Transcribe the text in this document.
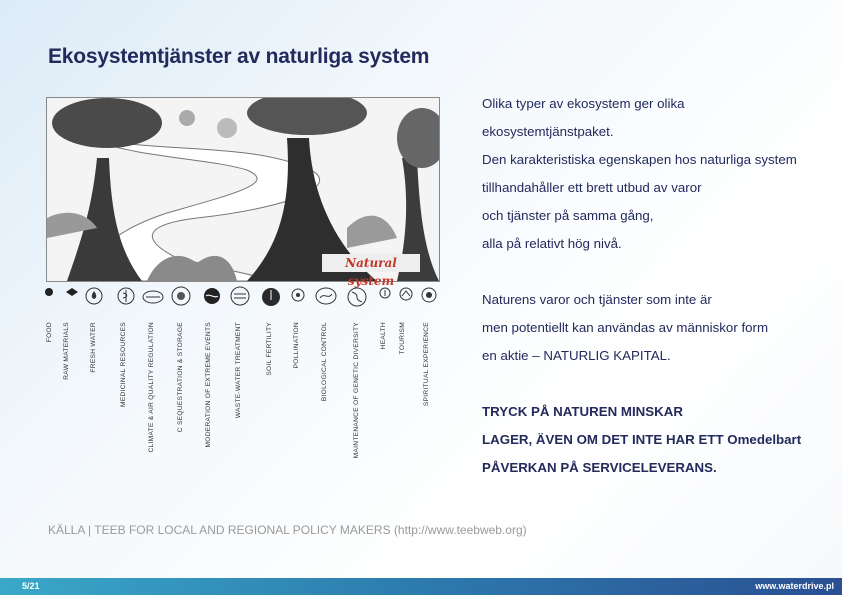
Ekosystemtjänster av naturliga system
Natural system
FOOD RAW MATERIALS	FRESH WATER	MEDICINAL RESOURCES	CLIMATE & AIR QUALITY REGULATION	C SEQUESTRATION & STORAGE	MODERATION OF EXTREME EVENTS	WASTE-WATER TREATMENT	SOIL FERTILITY	POLLINATION	BIOLOGICAL CONTROL	MAINTENANCE OF GENETIC DIVERSITY	HEALTH TOURISM	SPIRITUAL EXPERIENCE

Olika typer av ekosystem ger olika

ekosystemtjänstpaket.

Den karakteristiska egenskapen hos naturliga system

tillhandahåller ett brett utbud av varor

och tjänster på samma gång,

alla på relativt hög nivå.

Naturens varor och tjänster som inte är

men potentiellt kan användas av människor form

en aktie – NATURLIG KAPITAL.

TRYCK PÅ NATUREN MINSKAR

LAGER, ÄVEN OM DET INTE HAR ETT Omedelbart

PÅVERKAN PÅ SERVICELEVERANS.

KÄLLA | TEEB FOR LOCAL AND REGIONAL POLICY MAKERS (http://www.teebweb.org)
5/21	www.waterdrive.pl
